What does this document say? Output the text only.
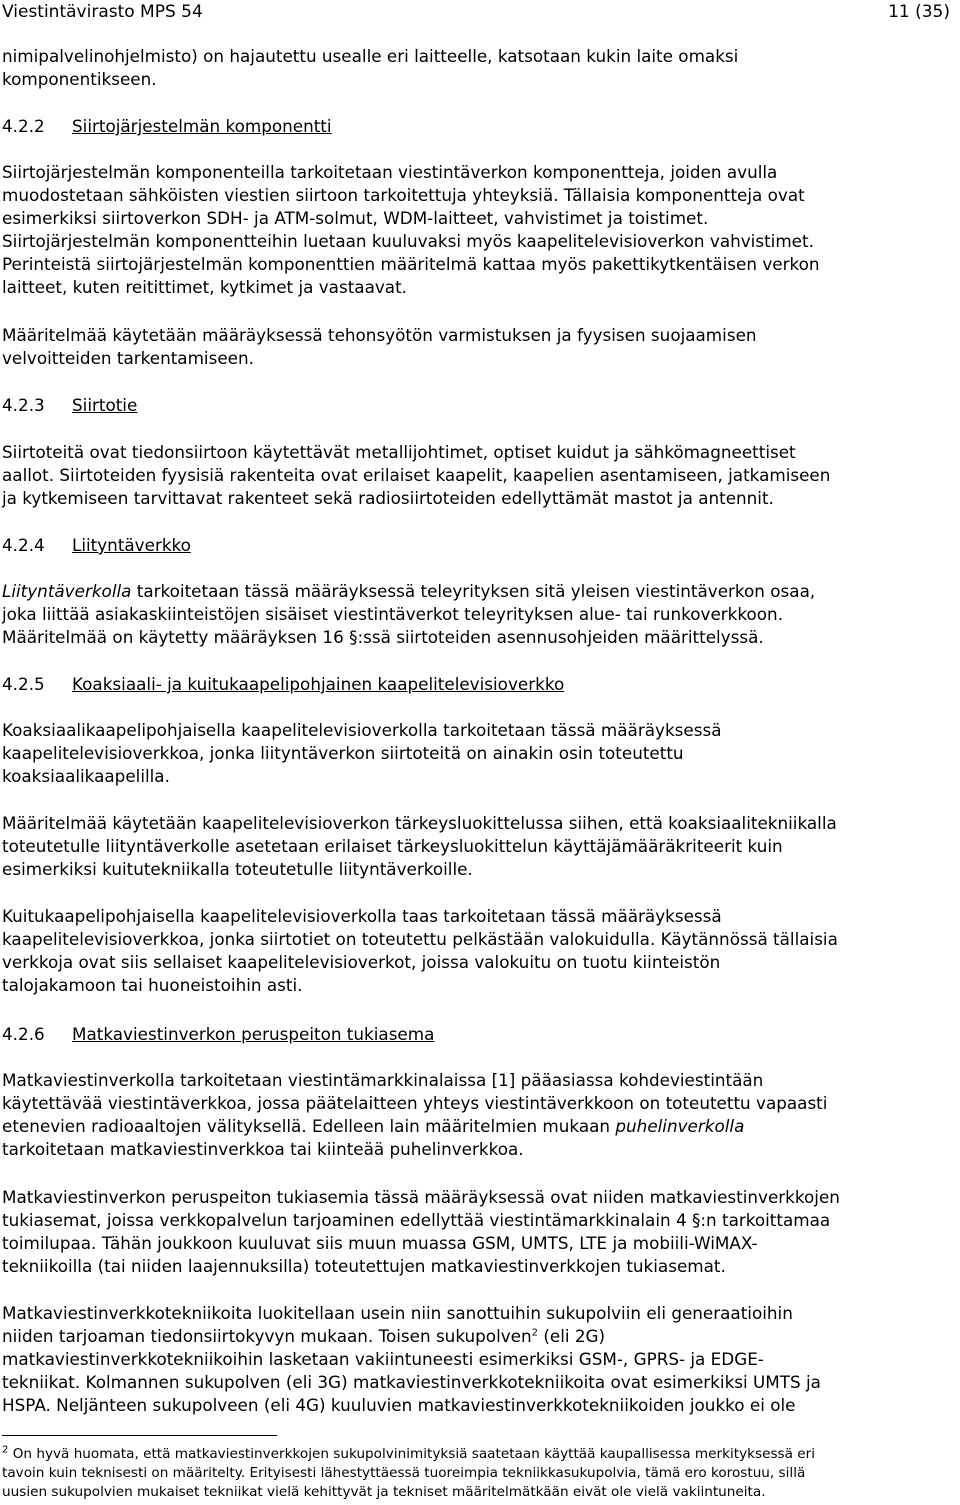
Viestintävirasto MPS 54	11 (35)
nimipalvelinohjelmisto) on hajautettu usealle eri laitteelle, katsotaan kukin laite omaksi
komponentikseen.
4.2.2 Siirtojärjestelmän komponentti
Siirtojärjestelmän komponenteilla tarkoitetaan viestintäverkon komponentteja, joiden avulla
muodostetaan sähköisten viestien siirtoon tarkoitettuja yhteyksiä. Tällaisia komponentteja ovat
esimerkiksi siirtoverkon SDH- ja ATM-solmut, WDM-laitteet, vahvistimet ja toistimet.
Siirtojärjestelmän komponentteihin luetaan kuuluvaksi myös kaapelitelevisioverkon vahvistimet.
Perinteistä siirtojärjestelmän komponenttien määritelmä kattaa myös pakettikytkentäisen verkon
laitteet, kuten reitittimet, kytkimet ja vastaavat.
Määritelmää käytetään määräyksessä tehonsyötön varmistuksen ja fyysisen suojaamisen
velvoitteiden tarkentamiseen.
4.2.3 Siirtotie
Siirtoteitä ovat tiedonsiirtoon käytettävät metallijohtimet, optiset kuidut ja sähkömagneettiset
aallot. Siirtoteiden fyysisiä rakenteita ovat erilaiset kaapelit, kaapelien asentamiseen, jatkamiseen
ja kytkemiseen tarvittavat rakenteet sekä radiosiirtoteiden edellyttämät mastot ja antennit.
4.2.4 Liityntäverkko
Liityntäverkolla tarkoitetaan tässä määräyksessä teleyrityksen sitä yleisen viestintäverkon osaa,
joka liittää asiakaskiinteistöjen sisäiset viestintäverkot teleyrityksen alue- tai runkoverkkoon.
Määritelmää on käytetty määräyksen 16 §:ssä siirtoteiden asennusohjeiden määrittelyssä.
4.2.5 Koaksiaali- ja kuitukaapelipohjainen kaapelitelevisioverkko
Koaksiaalikaapelipohjaisella kaapelitelevisioverkolla tarkoitetaan tässä määräyksessä
kaapelitelevisioverkkoa, jonka liityntäverkon siirtoteitä on ainakin osin toteutettu
koaksiaalikaapelilla.
Määritelmää käytetään kaapelitelevisioverkon tärkeysluokittelussa siihen, että koaksiaalitekniikalla
toteutetulle liityntäverkolle asetetaan erilaiset tärkeysluokittelun käyttäjämääräkriteerit kuin
esimerkiksi kuitutekniikalla toteutetulle liityntäverkoille.
Kuitukaapelipohjaisella kaapelitelevisioverkolla taas tarkoitetaan tässä määräyksessä
kaapelitelevisioverkkoa, jonka siirtotiet on toteutettu pelkästään valokuidulla. Käytännössä tällaisia
verkkoja ovat siis sellaiset kaapelitelevisioverkot, joissa valokuitu on tuotu kiinteistön
talojakamoon tai huoneistoihin asti.
4.2.6 Matkaviestinverkon peruspeiton tukiasema
Matkaviestinverkolla tarkoitetaan viestintämarkkinalaissa [1] pääasiassa kohdeviestintään
käytettävää viestintäverkkoa, jossa päätelaitteen yhteys viestintäverkkoon on toteutettu vapaasti
etenevien radioaaltojen välityksellä. Edelleen lain määritelmien mukaan puhelinverkolla
tarkoitetaan matkaviestinverkkoa tai kiinteää puhelinverkkoa.
Matkaviestinverkon peruspeiton tukiasemia tässä määräyksessä ovat niiden matkaviestinverkkojen
tukiasemat, joissa verkkopalvelun tarjoaminen edellyttää viestintämarkkinalain 4 §:n tarkoittamaa
toimilupaa. Tähän joukkoon kuuluvat siis muun muassa GSM, UMTS, LTE ja mobiili-WiMAX-
tekniikoilla (tai niiden laajennuksilla) toteutettujen matkaviestinverkkojen tukiasemat.
Matkaviestinverkkotekniikoita luokitellaan usein niin sanottuihin sukupolviin eli generaatioihin
niiden tarjoaman tiedonsiirtokyvyn mukaan. Toisen sukupolven$^2$ (eli 2G)
matkaviestinverkkotekniikoihin lasketaan vakiintuneesti esimerkiksi GSM-, GPRS- ja EDGE-
tekniikat. Kolmannen sukupolven (eli 3G) matkaviestinverkkotekniikoita ovat esimerkiksi UMTS ja
HSPA. Neljänteen sukupolveen (eli 4G) kuuluvien matkaviestinverkkotekniikoiden joukko ei ole
$^2$ On hyvä huomata, että matkaviestinverkkojen sukupolvinimityksiä saatetaan käyttää kaupallisessa merkityksessä eri
tavoin kuin teknisesti on määritelty. Erityisesti lähestyttäessä tuoreimpia tekniikkasukupolvia, tämä ero korostuu, sillä
uusien sukupolvien mukaiset tekniikat vielä kehittyvät ja tekniset määritelmätkään eivät ole vielä vakiintuneita.
